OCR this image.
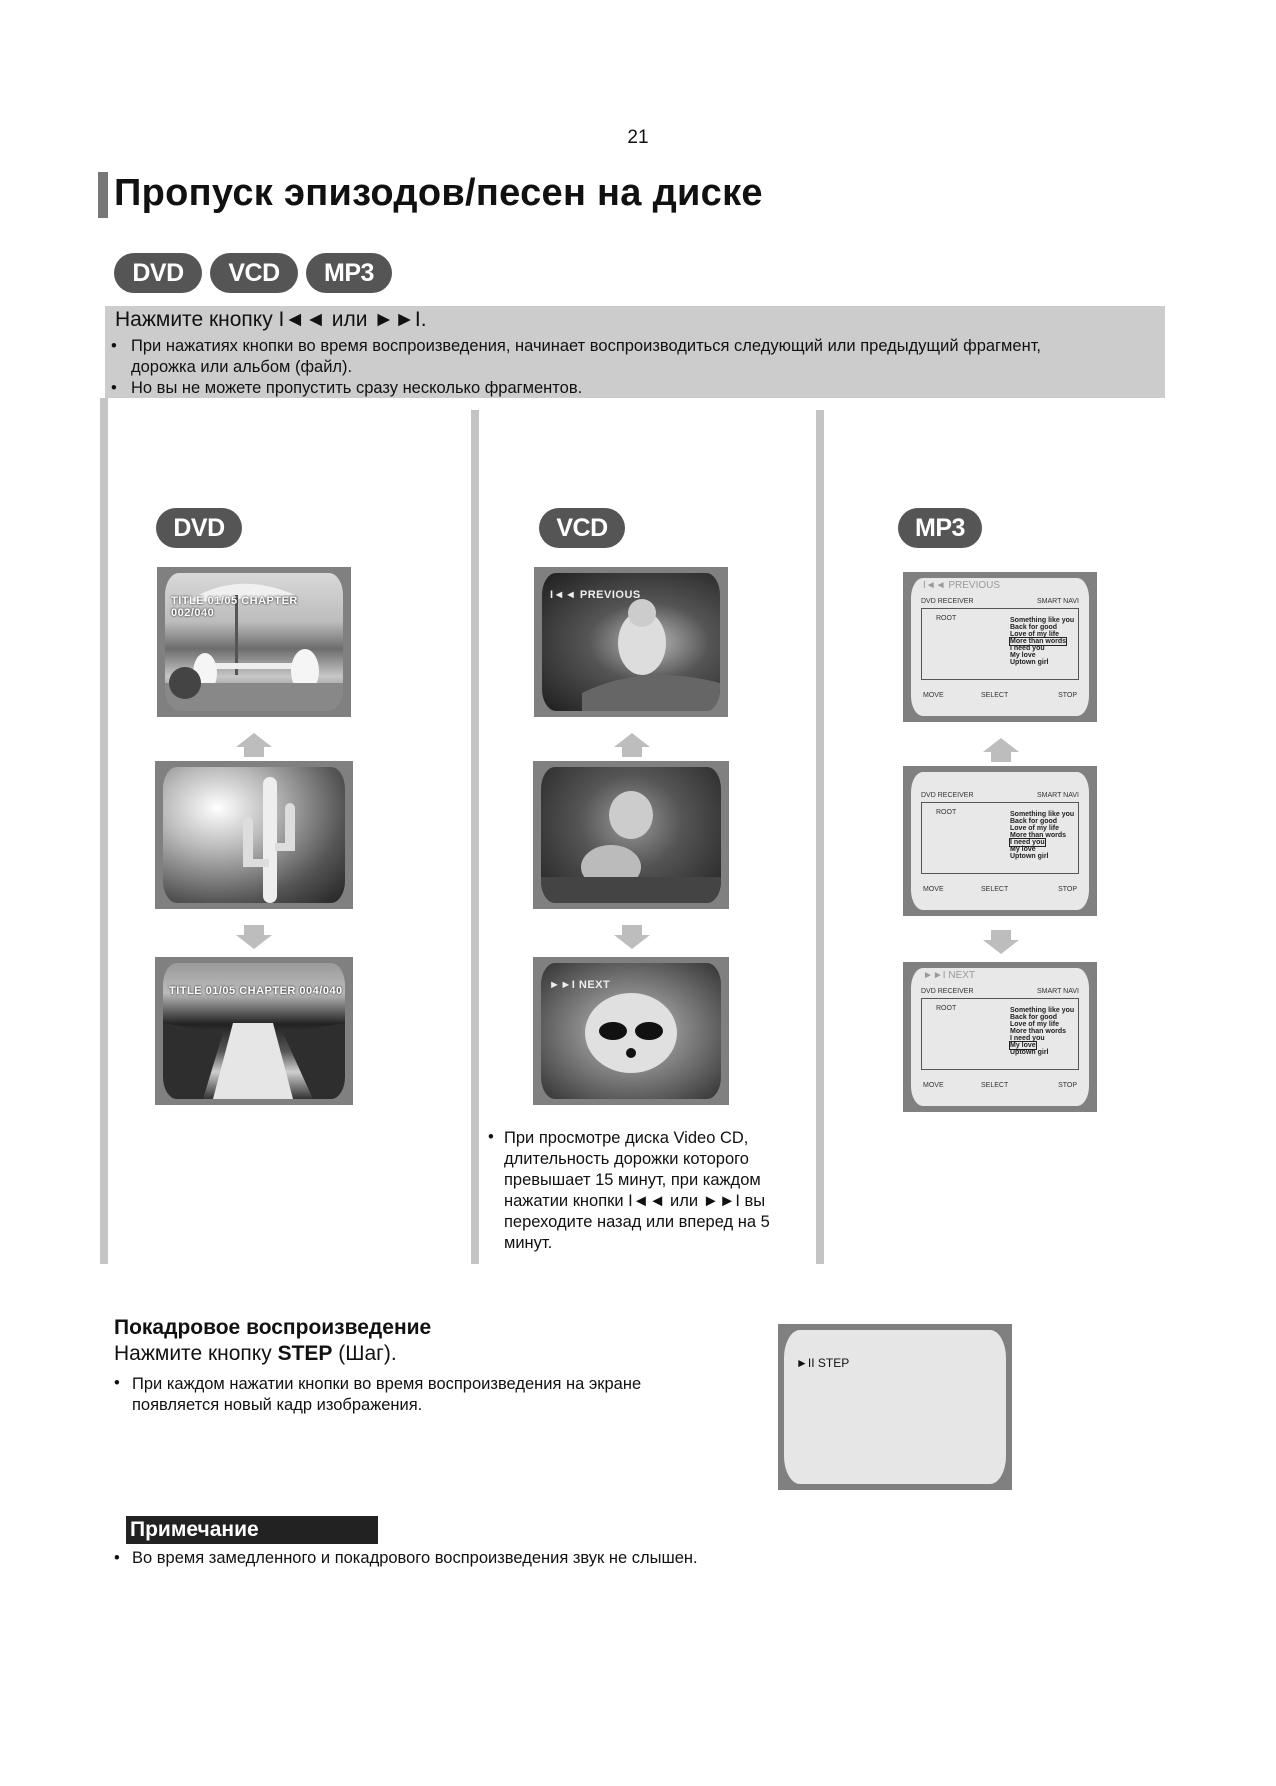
21
Пропуск эпизодов/песен на диске
DVD	VCD	MP3
Нажмите кнопку I◄◄ или ►►I.
• При нажатиях кнопки во время воспроизведения, начинает воспроизводиться следующий или предыдущий фрагмент,
дорожка или альбом (файл).
• Но вы не можете пропустить сразу несколько фрагментов.
DVD	VCD	MP3
TITLE 01/05 CHAPTER 002/040
TITLE 01/05 CHAPTER 004/040
I◄◄ PREVIOUS
►►I NEXT
• При просмотре диска Video CD,
длительность дорожки которого
превышает 15 минут, при каждом
нажатии кнопки I◄◄ или ►►I вы
переходите назад или вперед на 5
минут.
I◄◄ PREVIOUS
DVD RECEIVER	SMART NAVI
ROOT	Something like you
Back for good
Love of my life
More than words
I need you
My love
Uptown girl
MOVE	SELECT	STOP
DVD RECEIVER	SMART NAVI
ROOT	Something like you
Back for good
Love of my life
More than words
I need you
My love
Uptown girl
MOVE	SELECT	STOP
►►I NEXT
DVD RECEIVER	SMART NAVI
ROOT	Something like you
Back for good
Love of my life
More than words
I need you
My love
Uptown girl
MOVE	SELECT	STOP
Покадровое воспроизведение
Нажмите кнопку STEP (Шаг).
• При каждом нажатии кнопки во время воспроизведения на экране
появляется новый кадр изображения.
►II STEP
Примечание
• Во время замедленного и покадрового воспроизведения звук не слышен.
